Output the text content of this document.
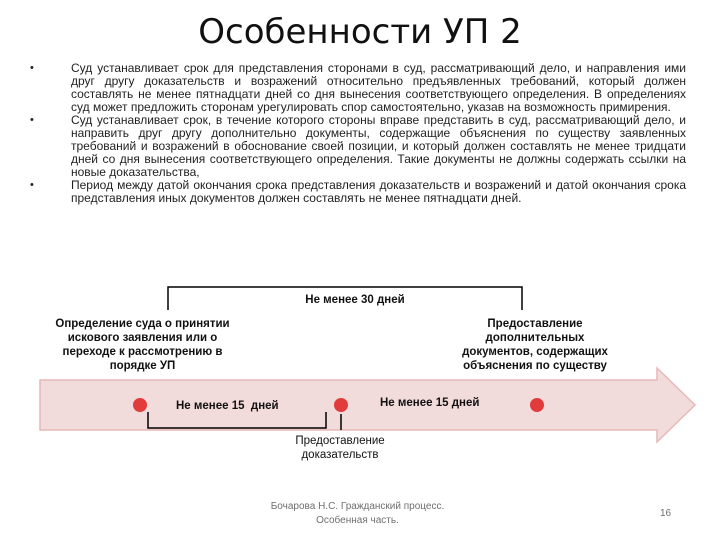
Особенности УП 2
•	Суд устанавливает срок для представления сторонами в суд, рассматривающий дело, и направления ими друг другу доказательств и возражений относительно предъявленных требований, который должен составлять не менее пятнадцати дней со дня вынесения соответствующего определения. В определениях суд может предложить сторонам урегулировать спор самостоятельно, указав на возможность примирения.
•	Суд устанавливает срок, в течение которого стороны вправе представить в суд, рассматривающий дело, и направить друг другу дополнительно документы, содержащие объяснения по существу заявленных требований и возражений в обоснование своей позиции, и который должен составлять не менее тридцати дней со дня вынесения соответствующего определения. Такие документы не должны содержать ссылки на новые доказательства,
•	Период между датой окончания срока представления доказательств и возражений и датой окончания срока представления иных документов должен составлять не менее пятнадцати дней.
Не менее 30 дней
Определение суда о принятии искового заявления или о переходе к рассмотрению в порядке УП
Предоставление дополнительных документов, содержащих объяснения по существу
Не менее 15  дней	Не менее 15 дней
Предоставление доказательств
Бочарова Н.С. Гражданский процесс.
Особенная часть.
16
